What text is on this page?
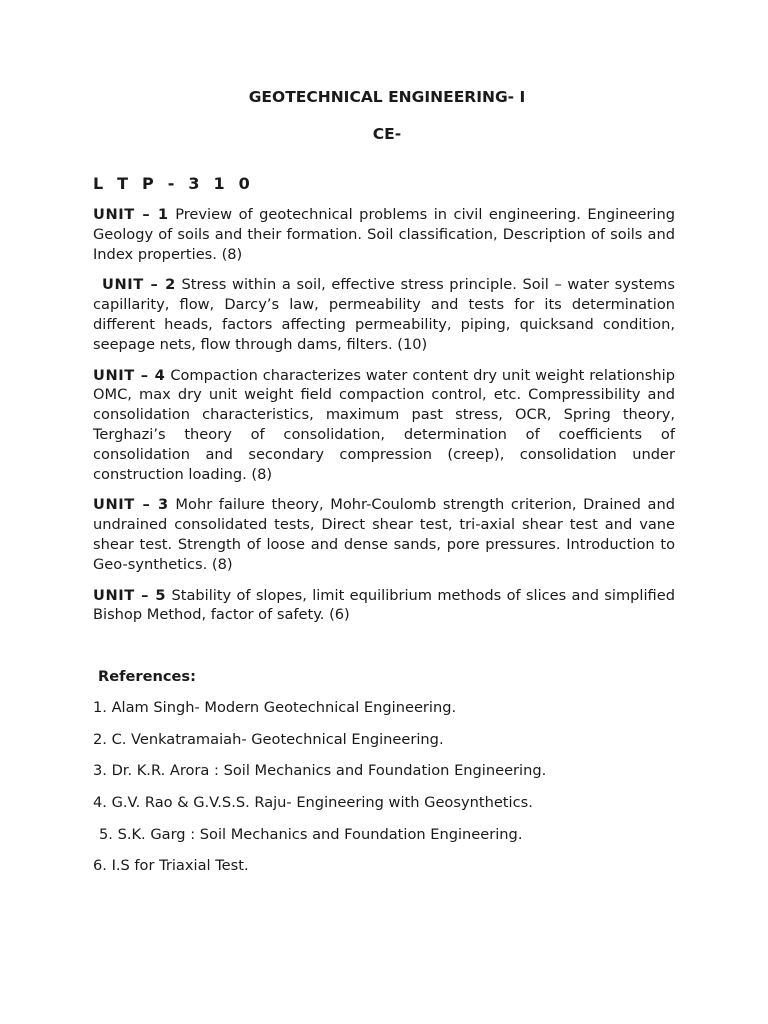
GEOTECHNICAL ENGINEERING- I
CE-
L T P - 3 1 0

UNIT – 1 Preview of geotechnical problems in civil engineering. Engineering Geology of soils and their formation. Soil classification, Description of soils and Index properties. (8)

UNIT – 2 Stress within a soil, effective stress principle. Soil – water systems capillarity, flow, Darcy’s law, permeability and tests for its determination different heads, factors affecting permeability, piping, quicksand condition, seepage nets, flow through dams, filters. (10)

UNIT – 4 Compaction characterizes water content dry unit weight relationship OMC, max dry unit weight field compaction control, etc. Compressibility and consolidation characteristics, maximum past stress, OCR, Spring theory, Terghazi’s theory of consolidation, determination of coefficients of consolidation and secondary compression (creep), consolidation under construction loading. (8)

UNIT – 3 Mohr failure theory, Mohr-Coulomb strength criterion, Drained and undrained consolidated tests, Direct shear test, tri-axial shear test and vane shear test. Strength of loose and dense sands, pore pressures. Introduction to Geo-synthetics. (8)

UNIT – 5 Stability of slopes, limit equilibrium methods of slices and simplified Bishop Method, factor of safety. (6)

References:
1. Alam Singh- Modern Geotechnical Engineering.
2. C. Venkatramaiah- Geotechnical Engineering.
3. Dr. K.R. Arora : Soil Mechanics and Foundation Engineering.
4. G.V. Rao & G.V.S.S. Raju- Engineering with Geosynthetics.
5. S.K. Garg : Soil Mechanics and Foundation Engineering.
6. I.S for Triaxial Test.
